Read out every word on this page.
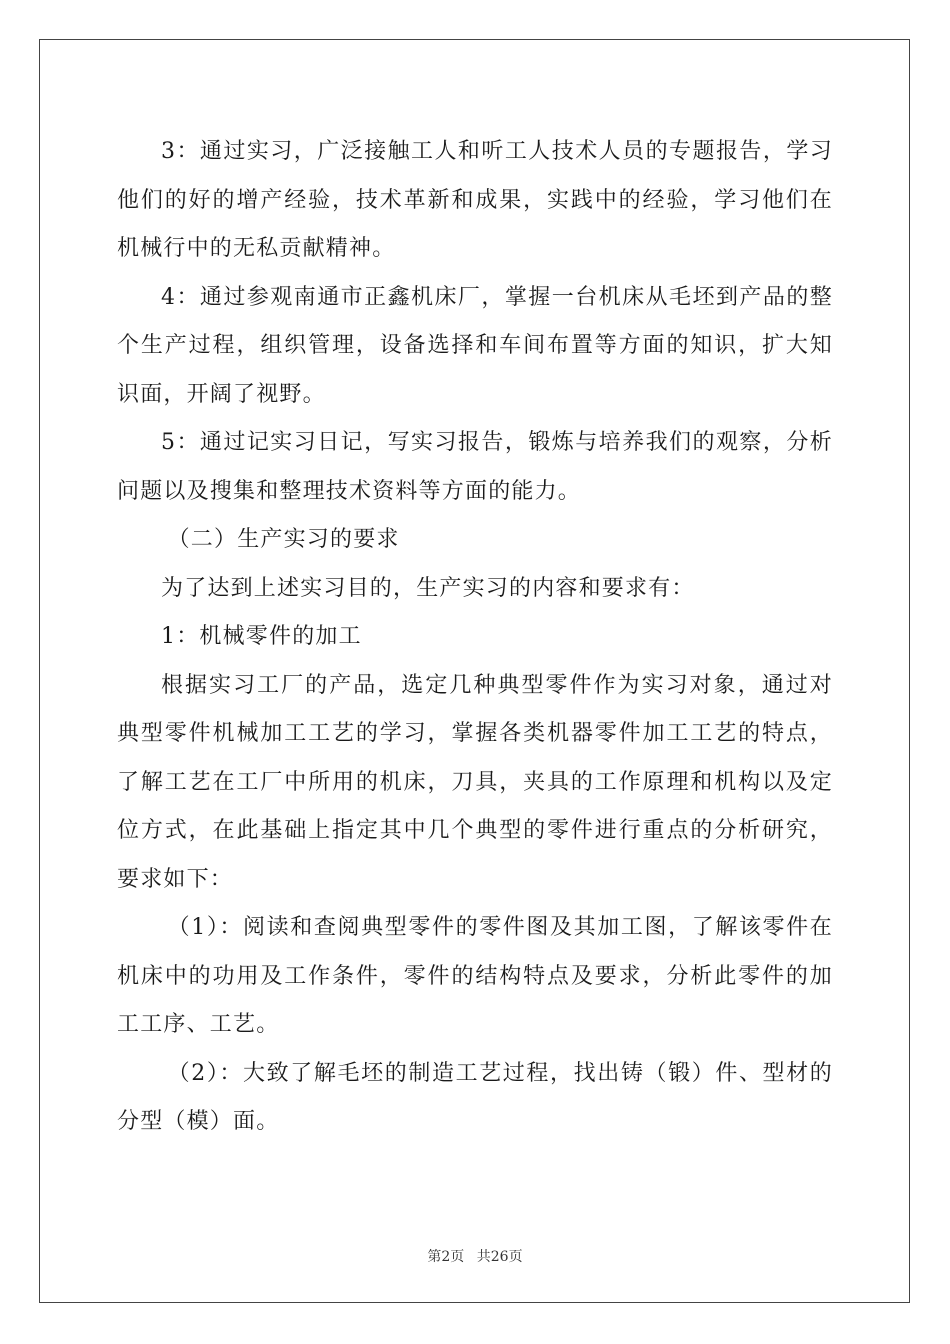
3：通过实习，广泛接触工人和听工人技术人员的专题报告，学习他们的好的增产经验，技术革新和成果，实践中的经验，学习他们在机械行中的无私贡献精神。

4：通过参观南通市正鑫机床厂，掌握一台机床从毛坯到产品的整个生产过程，组织管理，设备选择和车间布置等方面的知识，扩大知识面，开阔了视野。

5：通过记实习日记，写实习报告，锻炼与培养我们的观察，分析问题以及搜集和整理技术资料等方面的能力。

（二）生产实习的要求

为了达到上述实习目的，生产实习的内容和要求有：

1：机械零件的加工

根据实习工厂的产品，选定几种典型零件作为实习对象，通过对典型零件机械加工工艺的学习，掌握各类机器零件加工工艺的特点，了解工艺在工厂中所用的机床，刀具，夹具的工作原理和机构以及定位方式，在此基础上指定其中几个典型的零件进行重点的分析研究，要求如下：

（1）：阅读和查阅典型零件的零件图及其加工图，了解该零件在机床中的功用及工作条件，零件的结构特点及要求，分析此零件的加工工序、工艺。

（2）：大致了解毛坯的制造工艺过程，找出铸（锻）件、型材的分型（模）面。

第2页 共26页
